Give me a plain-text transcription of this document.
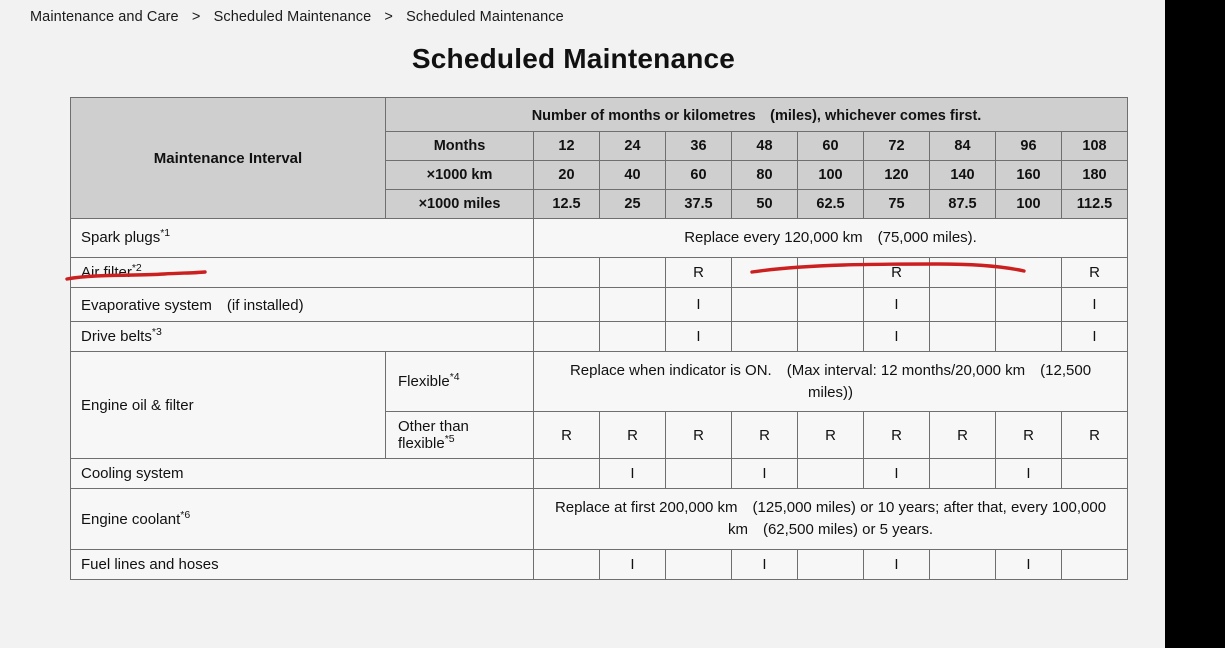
Maintenance and Care > Scheduled Maintenance > Scheduled Maintenance
Scheduled Maintenance
Maintenance Interval	Number of months or kilometres　(miles), whichever comes first.									
	Months	12	24	36	48	60	72	84	96	108
	×1000 km	20	40	60	80	100	120	140	160	180
	×1000 miles	12.5	25	37.5	50	62.5	75	87.5	100	112.5
Spark plugs$^{*1}$		Replace every 120,000 km　(75,000 miles).								
Air filter$^{*2}$				R			R			R
Evaporative system　(if installed)				I			I			I
Drive belts$^{*3}$				I			I			I
Engine oil & filter	Flexible$^{*4}$	Replace when indicator is ON.　(Max interval: 12 months/20,000 km　(12,500 miles))								
	Other than flexible$^{*5}$	R	R	R	R	R	R	R	R	R
Cooling system			I		I		I		I	
Engine coolant$^{*6}$		Replace at first 200,000 km　(125,000 miles) or 10 years; after that, every 100,000 km　(62,500 miles) or 5 years.								
Fuel lines and hoses			I		I		I		I	
